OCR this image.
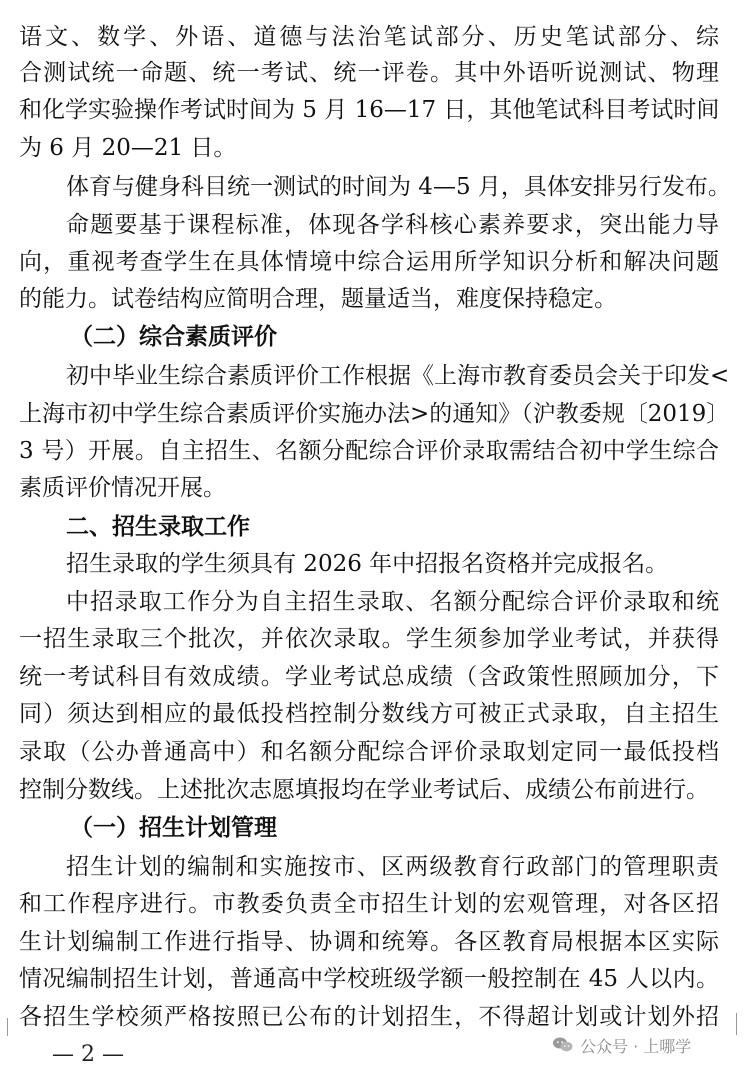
语文、数学、外语、道德与法治笔试部分、历史笔试部分、综
合测试统一命题、统一考试、统一评卷。其中外语听说测试、物理
和化学实验操作考试时间为 5 月 16—17 日，其他笔试科目考试时间
为 6 月 20—21 日。
体育与健身科目统一测试的时间为 4—5 月，具体安排另行发布。
命题要基于课程标准，体现各学科核心素养要求，突出能力导
向，重视考查学生在具体情境中综合运用所学知识分析和解决问题
的能力。试卷结构应简明合理，题量适当，难度保持稳定。
（二）综合素质评价
初中毕业生综合素质评价工作根据《上海市教育委员会关于印发<
上海市初中学生综合素质评价实施办法>的通知》（沪教委规〔2019〕
3 号）开展。自主招生、名额分配综合评价录取需结合初中学生综合
素质评价情况开展。
二、招生录取工作
招生录取的学生须具有 2026 年中招报名资格并完成报名。
中招录取工作分为自主招生录取、名额分配综合评价录取和统
一招生录取三个批次，并依次录取。学生须参加学业考试，并获得
统一考试科目有效成绩。学业考试总成绩（含政策性照顾加分，下
同）须达到相应的最低投档控制分数线方可被正式录取，自主招生
录取（公办普通高中）和名额分配综合评价录取划定同一最低投档
控制分数线。上述批次志愿填报均在学业考试后、成绩公布前进行。
（一）招生计划管理
招生计划的编制和实施按市、区两级教育行政部门的管理职责
和工作程序进行。市教委负责全市招生计划的宏观管理，对各区招
生计划编制工作进行指导、协调和统筹。各区教育局根据本区实际
情况编制招生计划，普通高中学校班级学额一般控制在 45 人以内。
各招生学校须严格按照已公布的计划招生，不得超计划或计划外招
— 2 —	公众号 · 上哪学
